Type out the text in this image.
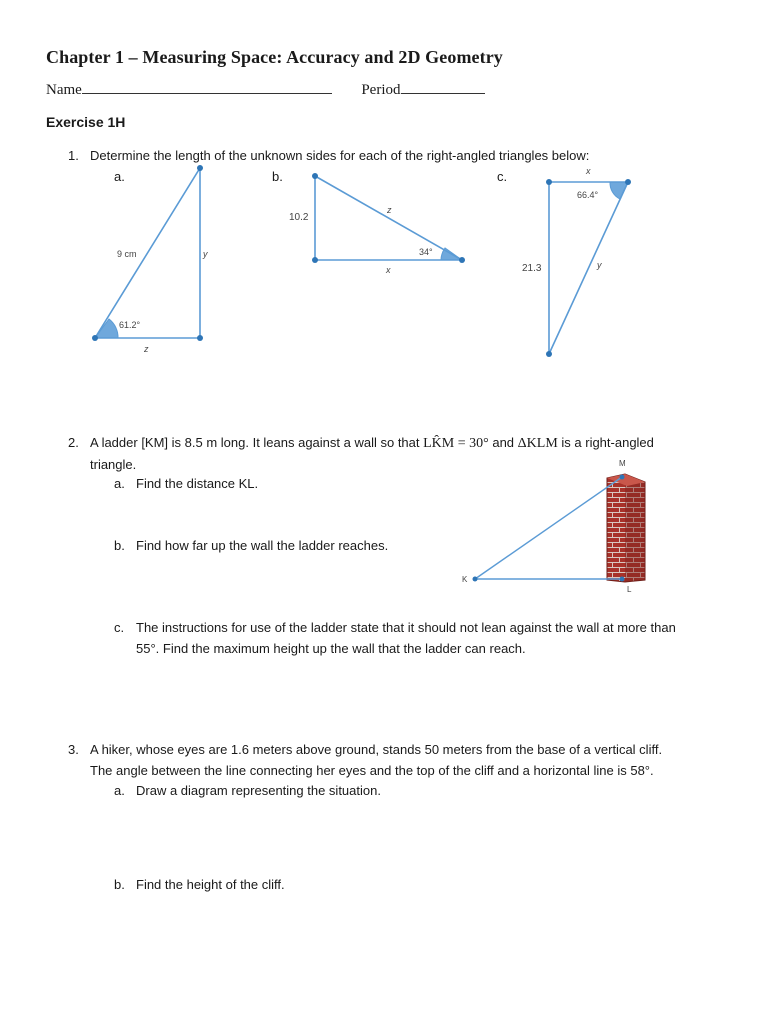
Chapter 1 – Measuring Space: Accuracy and 2D Geometry
Name	Period
Exercise 1H
1. Determine the length of the unknown sides for each of the right-angled triangles below:
a.	b.	c.
9 cm	y
z
61.2°
10.2
z
x
34°
x
66.4°
21.3	y
2. A ladder [KM] is 8.5 m long. It leans against a wall so that LK̂M = 30° and ΔKLM is a right-angled
triangle.
a. Find the distance KL.
b. Find how far up the wall the ladder reaches.
c. The instructions for use of the ladder state that it should not lean against the wall at more than
55°. Find the maximum height up the wall that the ladder can reach.
M
K
L
3. A hiker, whose eyes are 1.6 meters above ground, stands 50 meters from the base of a vertical cliff.
The angle between the line connecting her eyes and the top of the cliff and a horizontal line is 58°.
a. Draw a diagram representing the situation.
b. Find the height of the cliff.
